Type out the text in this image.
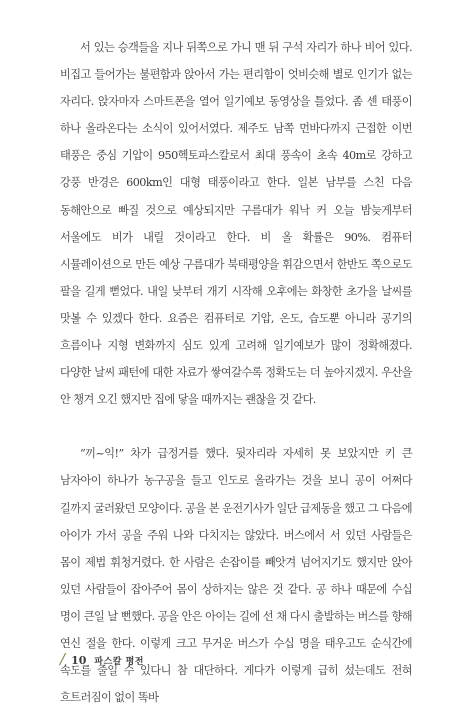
서 있는 승객들을 지나 뒤쪽으로 가니 맨 뒤 구석 자리가 하나 비어 있다. 비집고 들어가는 불편함과 앉아서 가는 편리함이 엇비슷해 별로 인기가 없는 자리다. 앉자마자 스마트폰을 열어 일기예보 동영상을 틀었다. 좀 센 태풍이 하나 올라온다는 소식이 있어서였다. 제주도 남쪽 먼바다까지 근접한 이번 태풍은 중심 기압이 950헥토파스칼로서 최대 풍속이 초속 40m로 강하고 강풍 반경은 600km인 대형 태풍이라고 한다. 일본 남부를 스친 다음 동해안으로 빠질 것으로 예상되지만 구름대가 워낙 커 오늘 밤늦게부터 서울에도 비가 내릴 것이라고 한다. 비 올 확률은 90%. 컴퓨터 시뮬레이션으로 만든 예상 구름대가 북태평양을 휘감으면서 한반도 쪽으로도 팔을 길게 뻗었다. 내일 낮부터 개기 시작해 오후에는 화창한 초가을 날씨를 맛볼 수 있겠다 한다. 요즘은 컴퓨터로 기압, 온도, 습도뿐 아니라 공기의 흐름이나 지형 변화까지 심도 있게 고려해 일기예보가 많이 정확해졌다. 다양한 날씨 패턴에 대한 자료가 쌓여갈수록 정확도는 더 높아지겠지. 우산을 안 챙겨 오긴 했지만 집에 닿을 때까지는 괜찮을 것 같다.

“끼~익!” 차가 급정거를 했다. 뒷자리라 자세히 못 보았지만 키 큰 남자아이 하나가 농구공을 들고 인도로 올라가는 것을 보니 공이 어쩌다 길까지 굴러왔던 모양이다. 공을 본 운전기사가 일단 급제동을 했고 그 다음에 아이가 가서 공을 주워 나와 다치지는 않았다. 버스에서 서 있던 사람들은 몸이 제법 휘청거렸다. 한 사람은 손잡이를 빼앗겨 넘어지기도 했지만 앉아 있던 사람들이 잡아주어 몸이 상하지는 않은 것 같다. 공 하나 때문에 수십 명이 큰일 날 뻔했다. 공을 안은 아이는 길에 선 채 다시 출발하는 버스를 향해 연신 절을 한다. 이렇게 크고 무거운 버스가 수십 명을 태우고도 순식간에 속도를 줄일 수 있다니 참 대단하다. 게다가 이렇게 급히 섰는데도 전혀 흐트러짐이 없이 똑바

/ 10 파스칼 평전
